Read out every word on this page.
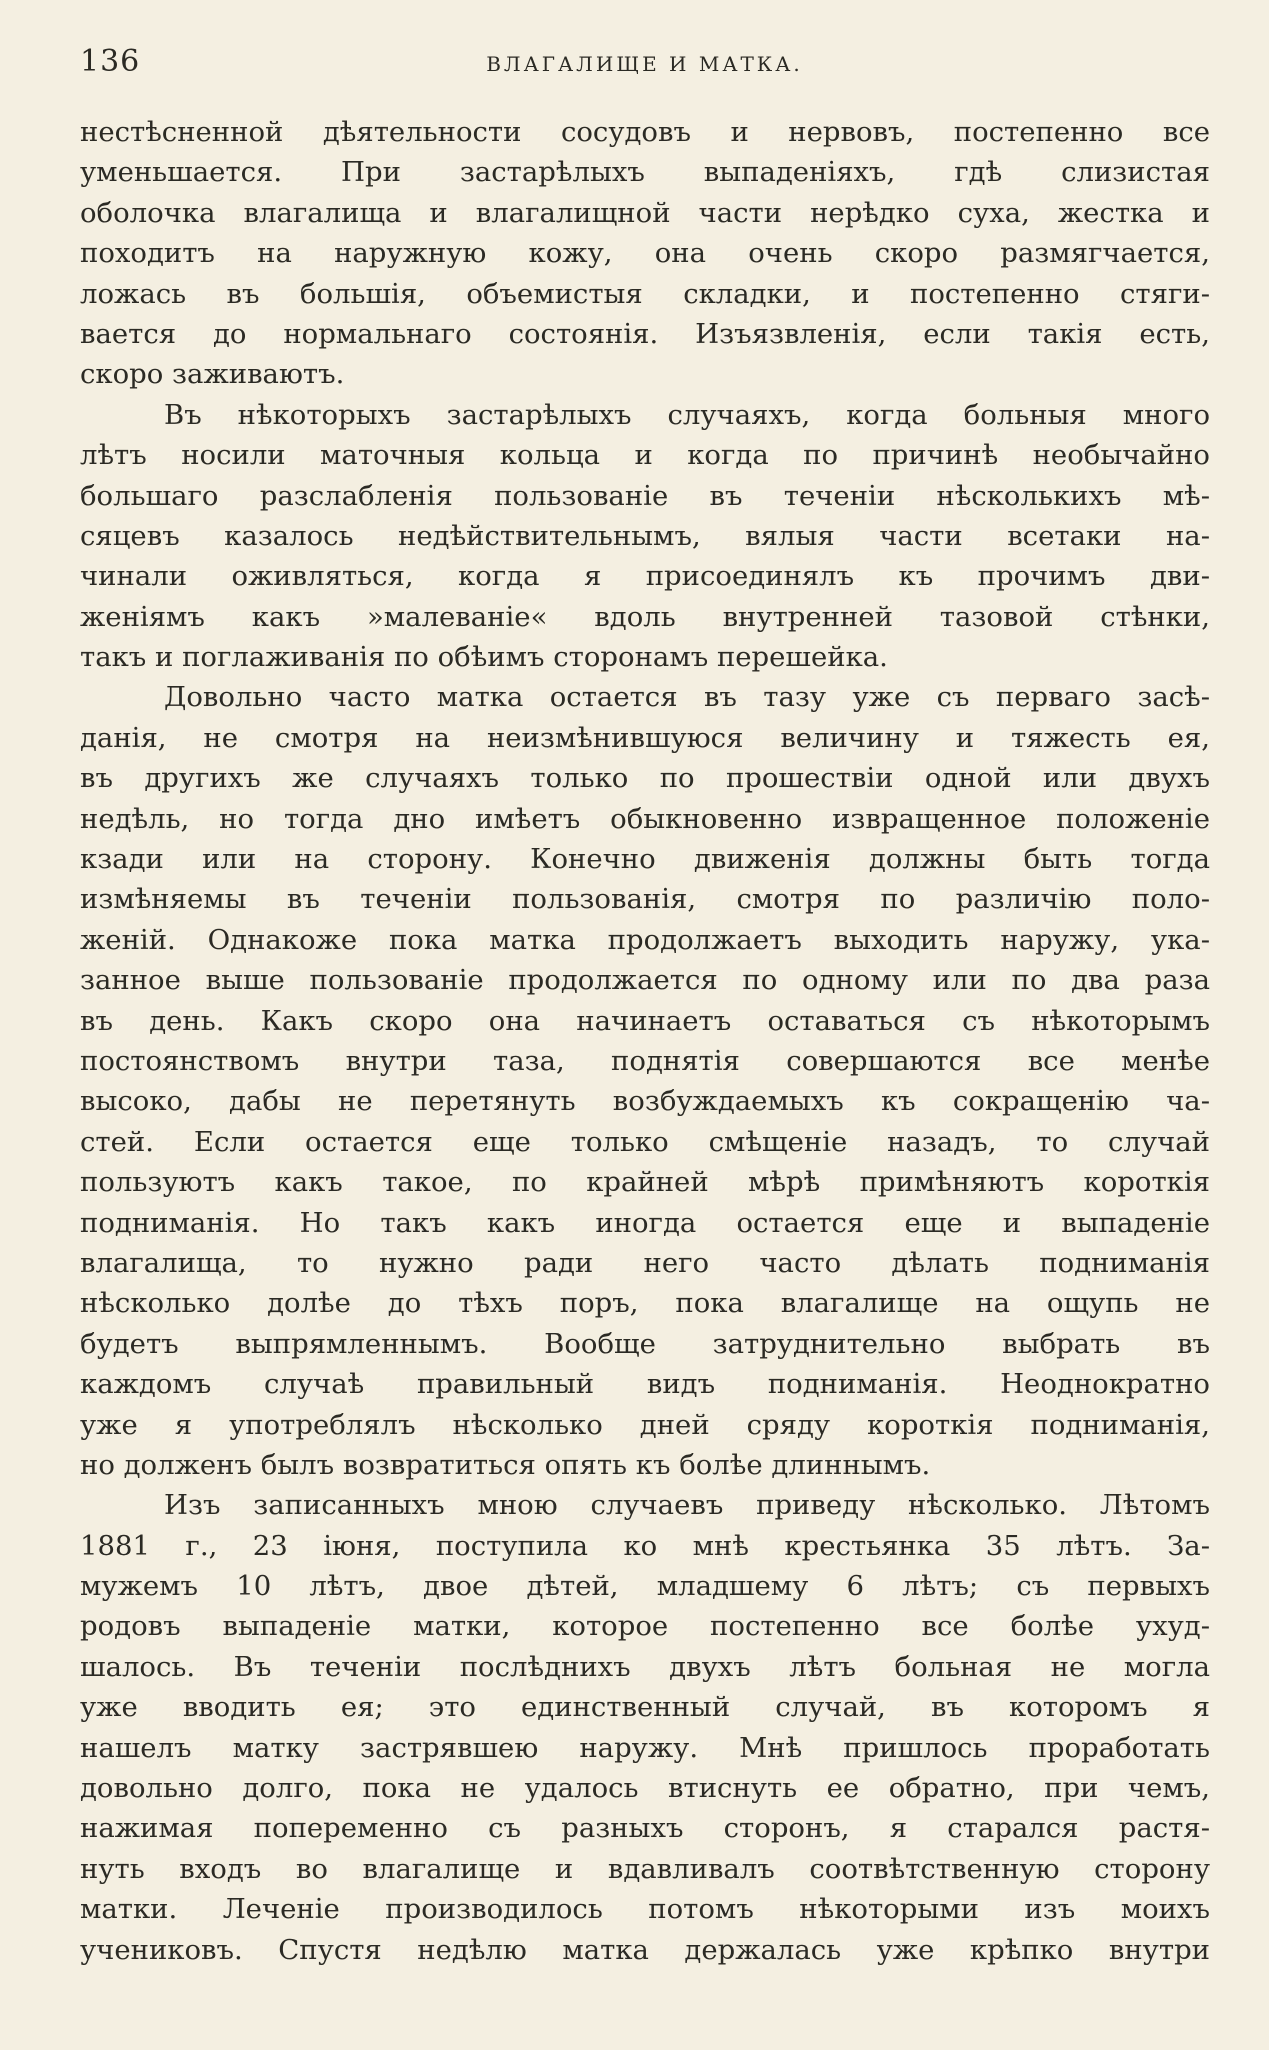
136	ВЛАГАЛИЩЕ И МАТКА.
нестѣсненной дѣятельности сосудовъ и нервовъ, постепенно все
уменьшается. При застарѣлыхъ выпаденіяхъ, гдѣ слизистая
оболочка влагалища и влагалищной части нерѣдко суха, жестка и
походитъ на наружную кожу, она очень скоро размягчается,
ложась въ большія, объемистыя складки, и постепенно стяги-
вается до нормальнаго состоянія. Изъязвленія, если такія есть,
скоро заживаютъ.
Въ нѣкоторыхъ застарѣлыхъ случаяхъ, когда больныя много
лѣтъ носили маточныя кольца и когда по причинѣ необычайно
большаго разслабленія пользованіе въ теченіи нѣсколькихъ мѣ-
сяцевъ казалось недѣйствительнымъ, вялыя части всетаки на-
чинали оживляться, когда я присоединялъ къ прочимъ дви-
женіямъ какъ »малеваніе« вдоль внутренней тазовой стѣнки,
такъ и поглаживанія по обѣимъ сторонамъ перешейка.
Довольно часто матка остается въ тазу уже съ перваго засѣ-
данія, не смотря на неизмѣнившуюся величину и тяжесть ея,
въ другихъ же случаяхъ только по прошествіи одной или двухъ
недѣль, но тогда дно имѣетъ обыкновенно извращенное положеніе
кзади или на сторону. Конечно движенія должны быть тогда
измѣняемы въ теченіи пользованія, смотря по различію поло-
женій. Однакоже пока матка продолжаетъ выходить наружу, ука-
занное выше пользованіе продолжается по одному или по два раза
въ день. Какъ скоро она начинаетъ оставаться съ нѣкоторымъ
постоянствомъ внутри таза, поднятія совершаются все менѣе
высоко, дабы не перетянуть возбуждаемыхъ къ сокращенію ча-
стей. Если остается еще только смѣщеніе назадъ, то случай
пользуютъ какъ такое, по крайней мѣрѣ примѣняютъ короткія
подниманія. Но такъ какъ иногда остается еще и выпаденіе
влагалища, то нужно ради него часто дѣлать подниманія
нѣсколько долѣе до тѣхъ поръ, пока влагалище на ощупь не
будетъ выпрямленнымъ. Вообще затруднительно выбрать въ
каждомъ случаѣ правильный видъ подниманія. Неоднократно
уже я употреблялъ нѣсколько дней сряду короткія подниманія,
но долженъ былъ возвратиться опять къ болѣе длиннымъ.
Изъ записанныхъ мною случаевъ приведу нѣсколько. Лѣтомъ
1881 г., 23 іюня, поступила ко мнѣ крестьянка 35 лѣтъ. За-
мужемъ 10 лѣтъ, двое дѣтей, младшему 6 лѣтъ; съ первыхъ
родовъ выпаденіе матки, которое постепенно все болѣе ухуд-
шалось. Въ теченіи послѣднихъ двухъ лѣтъ больная не могла
уже вводить ея; это единственный случай, въ которомъ я
нашелъ матку застрявшею наружу. Мнѣ пришлось проработать
довольно долго, пока не удалось втиснуть ее обратно, при чемъ,
нажимая попеременно съ разныхъ сторонъ, я старался растя-
нуть входъ во влагалище и вдавливалъ соотвѣтственную сторону
матки. Леченіе производилось потомъ нѣкоторыми изъ моихъ
учениковъ. Спустя недѣлю матка держалась уже крѣпко внутри
